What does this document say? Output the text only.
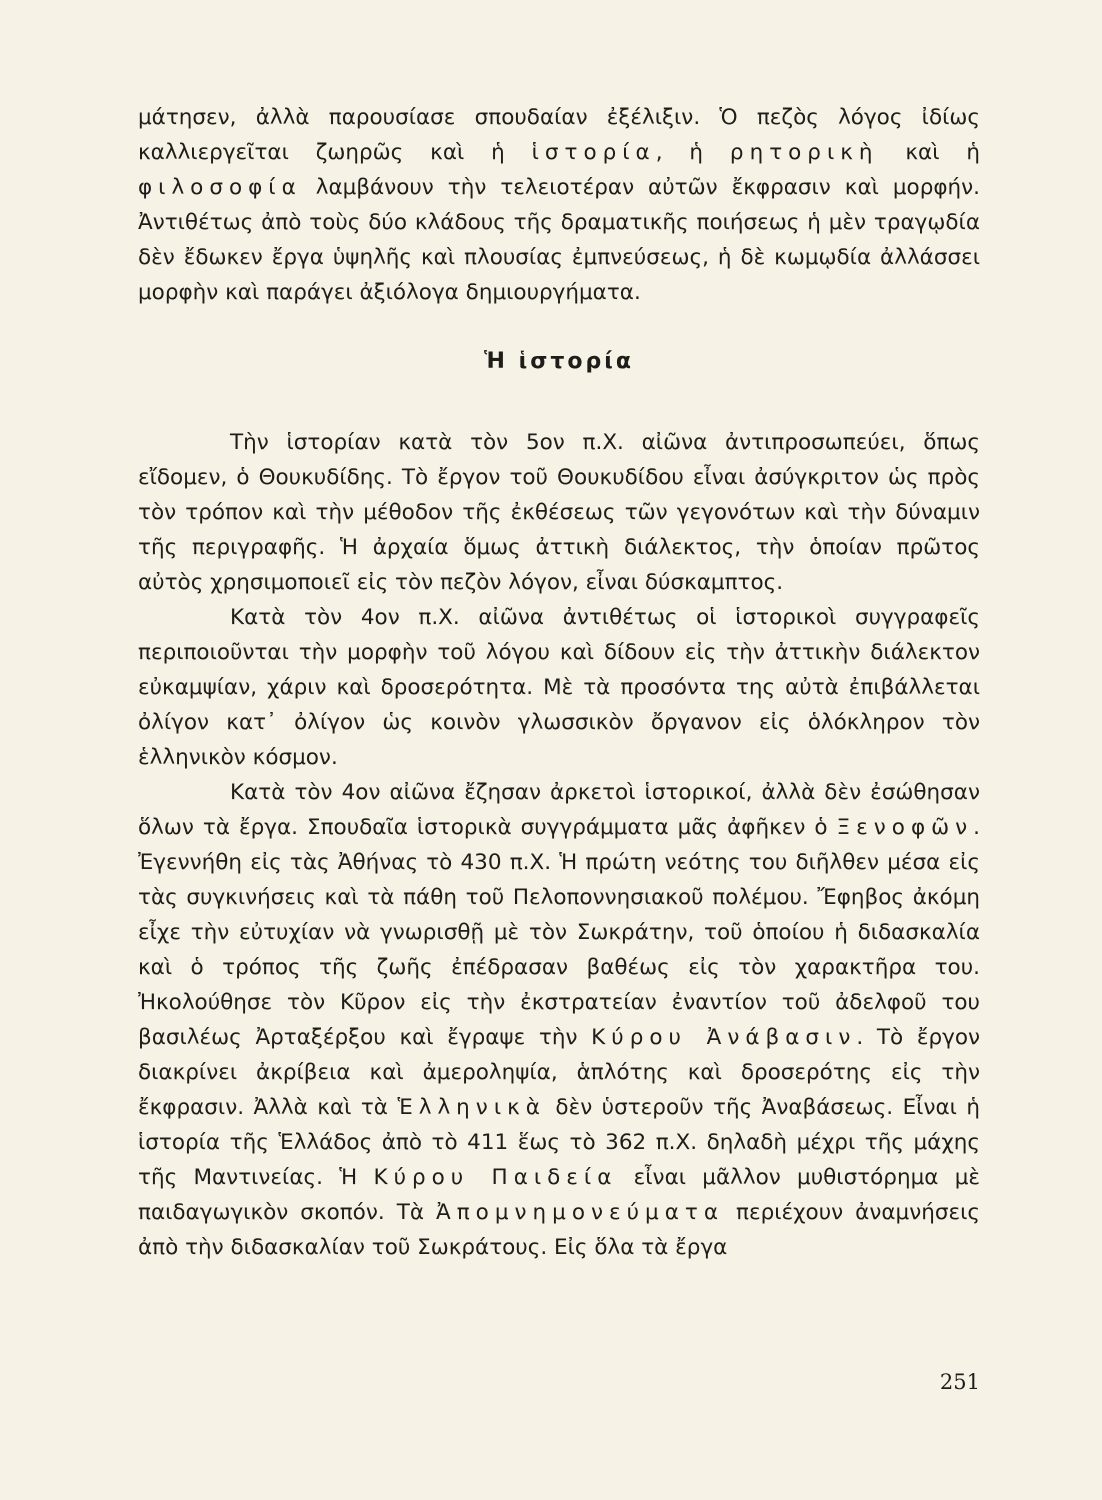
μάτησεν, ἀλλὰ παρουσίασε σπουδαίαν ἐξέλιξιν. Ὁ πεζὸς λόγος ἰδίως καλλιεργεῖται ζωηρῶς καὶ ἡ ἱστορία, ἡ ρητορικὴ καὶ ἡ φιλοσοφία λαμβάνουν τὴν τελειοτέραν αὐτῶν ἔκφρασιν καὶ μορφήν. Ἀντιθέτως ἀπὸ τοὺς δύο κλάδους τῆς δραματικῆς ποιήσεως ἡ μὲν τραγῳδία δὲν ἔδωκεν ἔργα ὑψηλῆς καὶ πλουσίας ἐμπνεύσεως, ἡ δὲ κωμῳδία ἀλλάσσει μορφὴν καὶ παράγει ἀξιόλογα δημιουργήματα.

Ἡ ἱστορία

Τὴν ἱστορίαν κατὰ τὸν 5ον π.Χ. αἰῶνα ἀντιπροσωπεύει, ὅπως εἴδομεν, ὁ Θουκυδίδης. Τὸ ἔργον τοῦ Θουκυδίδου εἶναι ἀσύγκριτον ὡς πρὸς τὸν τρόπον καὶ τὴν μέθοδον τῆς ἐκθέσεως τῶν γεγονότων καὶ τὴν δύναμιν τῆς περιγραφῆς. Ἡ ἀρχαία ὅμως ἀττικὴ διάλεκτος, τὴν ὁποίαν πρῶτος αὐτὸς χρησιμοποιεῖ εἰς τὸν πεζὸν λόγον, εἶναι δύσκαμπτος.

Κατὰ τὸν 4ον π.Χ. αἰῶνα ἀντιθέτως οἱ ἱστορικοὶ συγγραφεῖς περιποιοῦνται τὴν μορφὴν τοῦ λόγου καὶ δίδουν εἰς τὴν ἀττικὴν διάλεκτον εὐκαμψίαν, χάριν καὶ δροσερότητα. Μὲ τὰ προσόντα της αὐτὰ ἐπιβάλλεται ὀλίγον κατ᾿ ὀλίγον ὡς κοινὸν γλωσσικὸν ὄργανον εἰς ὁλόκληρον τὸν ἑλληνικὸν κόσμον.

Κατὰ τὸν 4ον αἰῶνα ἔζησαν ἀρκετοὶ ἱστορικοί, ἀλλὰ δὲν ἐσώθησαν ὅλων τὰ ἔργα. Σπουδαῖα ἱστορικὰ συγγράμματα μᾶς ἀφῆκεν ὁ Ξενοφῶν. Ἐγεννήθη εἰς τὰς Ἀθήνας τὸ 430 π.Χ. Ἡ πρώτη νεότης του διῆλθεν μέσα εἰς τὰς συγκινήσεις καὶ τὰ πάθη τοῦ Πελοποννησιακοῦ πολέμου. Ἔφηβος ἀκόμη εἶχε τὴν εὐτυχίαν νὰ γνωρισθῇ μὲ τὸν Σωκράτην, τοῦ ὁποίου ἡ διδασκαλία καὶ ὁ τρόπος τῆς ζωῆς ἐπέδρασαν βαθέως εἰς τὸν χαρακτῆρα του. Ἠκολούθησε τὸν Κῦρον εἰς τὴν ἐκστρατείαν ἐναντίον τοῦ ἀδελφοῦ του βασιλέως Ἀρταξέρξου καὶ ἔγραψε τὴν Κύρου Ἀνάβασιν. Τὸ ἔργον διακρίνει ἀκρίβεια καὶ ἀμεροληψία, ἁπλότης καὶ δροσερότης εἰς τὴν ἔκφρασιν. Ἀλλὰ καὶ τὰ Ἑλληνικὰ δὲν ὑστεροῦν τῆς Ἀναβάσεως. Εἶναι ἡ ἱστορία τῆς Ἑλλάδος ἀπὸ τὸ 411 ἕως τὸ 362 π.Χ. δηλαδὴ μέχρι τῆς μάχης τῆς Μαντινείας. Ἡ Κύρου Παιδεία εἶναι μᾶλλον μυθιστόρημα μὲ παιδαγωγικὸν σκοπόν. Τὰ Ἀπομνημονεύματα περιέχουν ἀναμνήσεις ἀπὸ τὴν διδασκαλίαν τοῦ Σωκράτους. Εἰς ὅλα τὰ ἔργα

251
